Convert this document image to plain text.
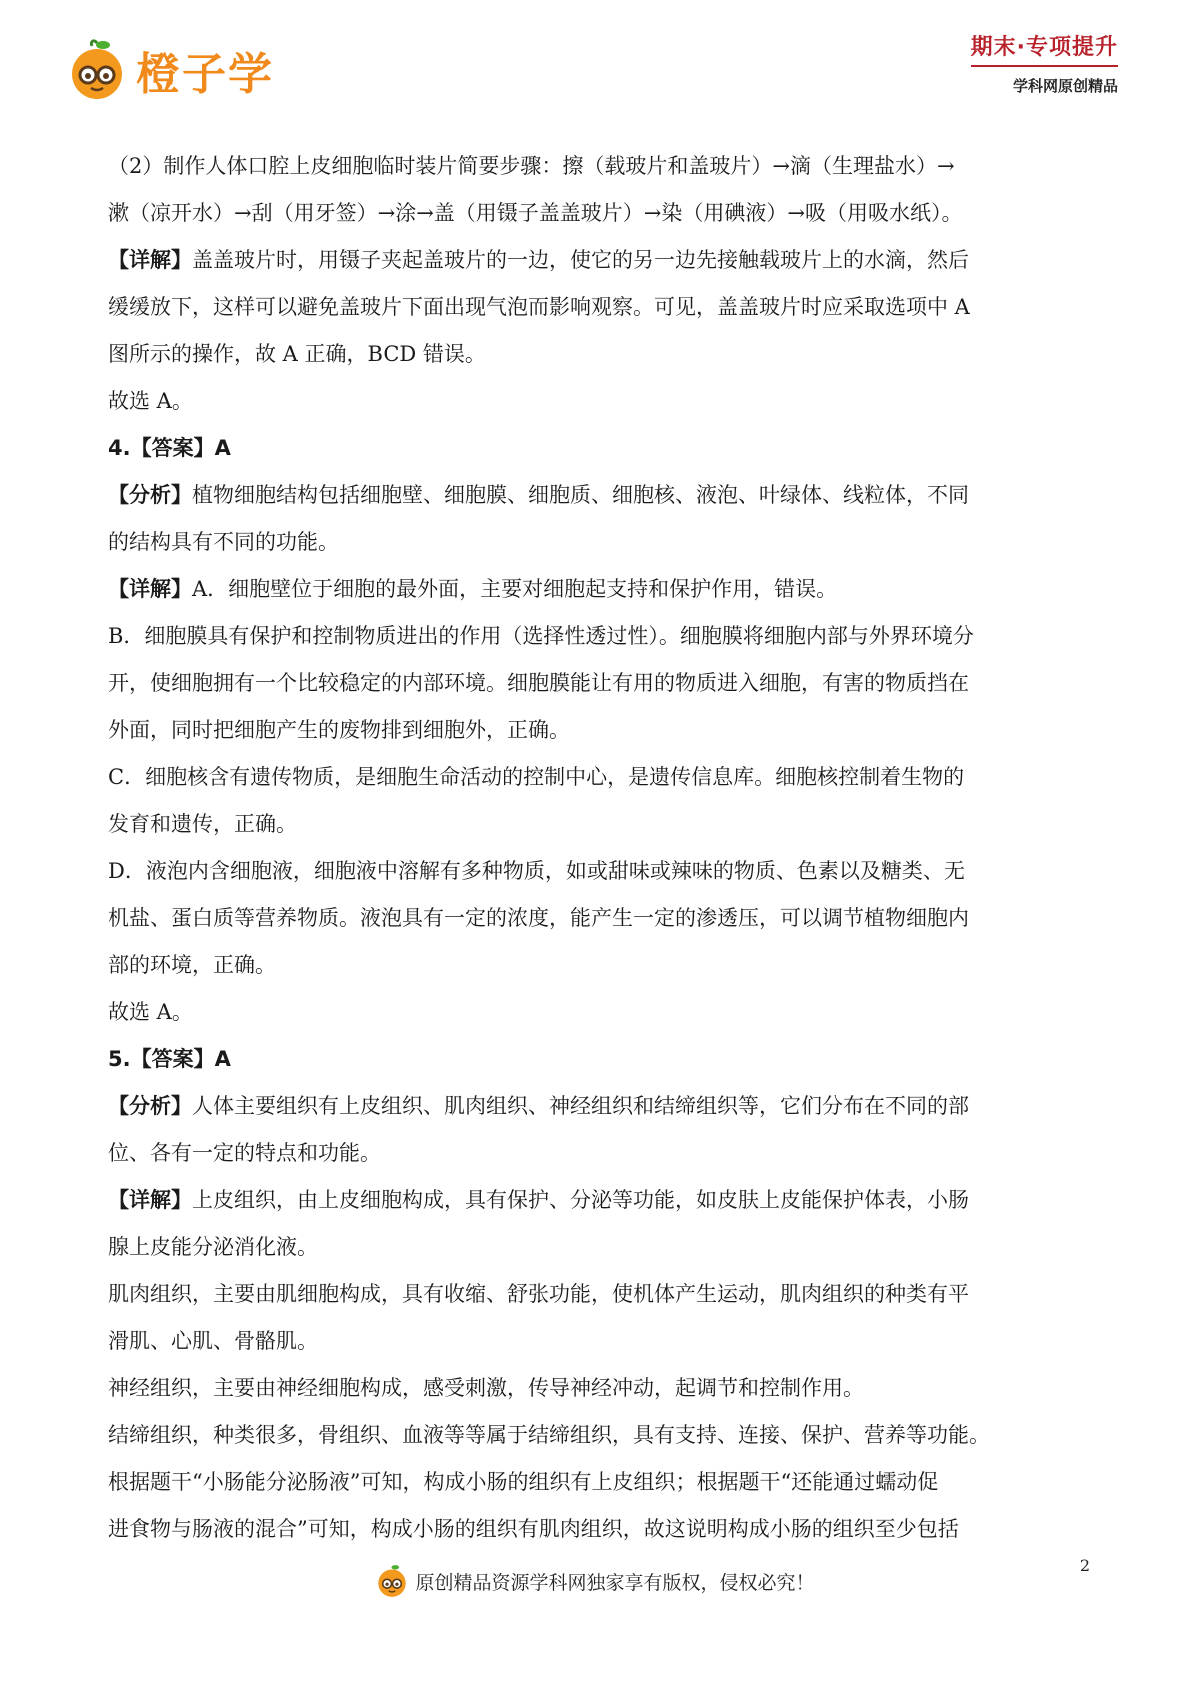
橙子学
期末·专项提升
学科网原创精品
（2）制作人体口腔上皮细胞临时装片简要步骤：擦（载玻片和盖玻片）→滴（生理盐水）→
漱（凉开水）→刮（用牙签）→涂→盖（用镊子盖盖玻片）→染（用碘液）→吸（用吸水纸）。
【详解】盖盖玻片时，用镊子夹起盖玻片的一边，使它的另一边先接触载玻片上的水滴，然后
缓缓放下，这样可以避免盖玻片下面出现气泡而影响观察。可见，盖盖玻片时应采取选项中 A
图所示的操作，故 A 正确，BCD 错误。
故选 A。
4.【答案】A
【分析】植物细胞结构包括细胞壁、细胞膜、细胞质、细胞核、液泡、叶绿体、线粒体，不同
的结构具有不同的功能。
【详解】A．细胞壁位于细胞的最外面，主要对细胞起支持和保护作用，错误。
B．细胞膜具有保护和控制物质进出的作用（选择性透过性）。细胞膜将细胞内部与外界环境分
开，使细胞拥有一个比较稳定的内部环境。细胞膜能让有用的物质进入细胞，有害的物质挡在
外面，同时把细胞产生的废物排到细胞外，正确。
C．细胞核含有遗传物质，是细胞生命活动的控制中心，是遗传信息库。细胞核控制着生物的
发育和遗传，正确。
D．液泡内含细胞液，细胞液中溶解有多种物质，如或甜味或辣味的物质、色素以及糖类、无
机盐、蛋白质等营养物质。液泡具有一定的浓度，能产生一定的渗透压，可以调节植物细胞内
部的环境，正确。
故选 A。
5.【答案】A
【分析】人体主要组织有上皮组织、肌肉组织、神经组织和结缔组织等，它们分布在不同的部
位、各有一定的特点和功能。
【详解】上皮组织，由上皮细胞构成，具有保护、分泌等功能，如皮肤上皮能保护体表，小肠
腺上皮能分泌消化液。
肌肉组织，主要由肌细胞构成，具有收缩、舒张功能，使机体产生运动，肌肉组织的种类有平
滑肌、心肌、骨骼肌。
神经组织，主要由神经细胞构成，感受刺激，传导神经冲动，起调节和控制作用。
结缔组织，种类很多，骨组织、血液等等属于结缔组织，具有支持、连接、保护、营养等功能。
根据题干“小肠能分泌肠液”可知，构成小肠的组织有上皮组织；根据题干“还能通过蠕动促
进食物与肠液的混合”可知，构成小肠的组织有肌肉组织，故这说明构成小肠的组织至少包括
原创精品资源学科网独家享有版权，侵权必究！
2
